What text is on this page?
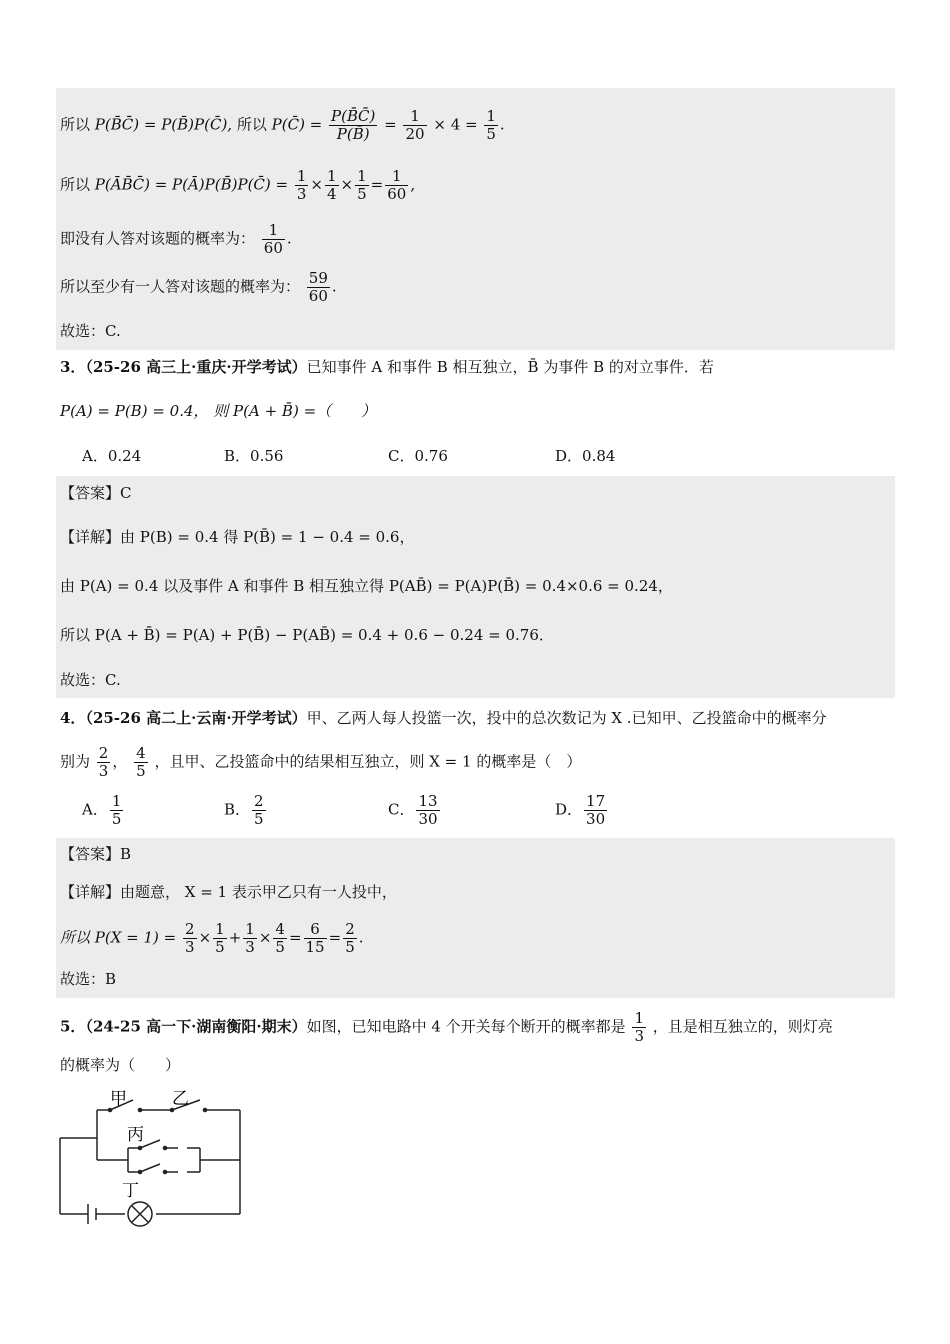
所以 P(B̄C̄) = P(B̄)P(C̄), 所以 P(C̄) = $\frac{P(B̄C̄)}{P(B̄)} = \frac{1}{20} \times 4 = \frac{1}{5}$ .
所以 P(ĀB̄C̄) = P(Ā)P(B̄)P(C̄) = $\frac{1}{3} \times \frac{1}{4} \times \frac{1}{5} = \frac{1}{60}$ ,
即没有人答对该题的概率为： $\frac{1}{60}$ .
所以至少有一人答对该题的概率为： $\frac{59}{60}$ .
故选：C.
3．（25-26 高三上·重庆·开学考试）已知事件 A 和事件 B 相互独立，B̄ 为事件 B 的对立事件．若
P(A) = P(B) = 0.4， 则 P(A + B̄) =（　　）
A．0.24	B．0.56	C．0.76	D．0.84
【答案】C
【详解】由 P(B) = 0.4 得 P(B̄) = 1 − 0.4 = 0.6，
由 P(A) = 0.4 以及事件 A 和事件 B 相互独立得 P(AB̄) = P(A)P(B̄) = 0.4×0.6 = 0.24，
所以 P(A + B̄) = P(A) + P(B̄) − P(AB̄) = 0.4 + 0.6 − 0.24 = 0.76．
故选：C.
4．（25-26 高二上·云南·开学考试）甲、乙两人每人投篮一次，投中的总次数记为 X .已知甲、乙投篮命中的概率分
别为 $\frac{2}{3}$ ， $\frac{4}{5}$ ，且甲、乙投篮命中的结果相互独立，则 X = 1 的概率是（　）
A． $\frac{1}{5}$	B． $\frac{2}{5}$	C． $\frac{13}{30}$	D． $\frac{17}{30}$
【答案】B
【详解】由题意， X = 1 表示甲乙只有一人投中，
所以 $P(X = 1) = \frac{2}{3} \times \frac{1}{5} + \frac{1}{3} \times \frac{4}{5} = \frac{6}{15} = \frac{2}{5}$ .
故选：B
5．（24-25 高一下·湖南衡阳·期末）如图，已知电路中 4 个开关每个断开的概率都是 $\frac{1}{3}$ ，且是相互独立的，则灯亮
的概率为（　　）
甲	乙
丙
丁
